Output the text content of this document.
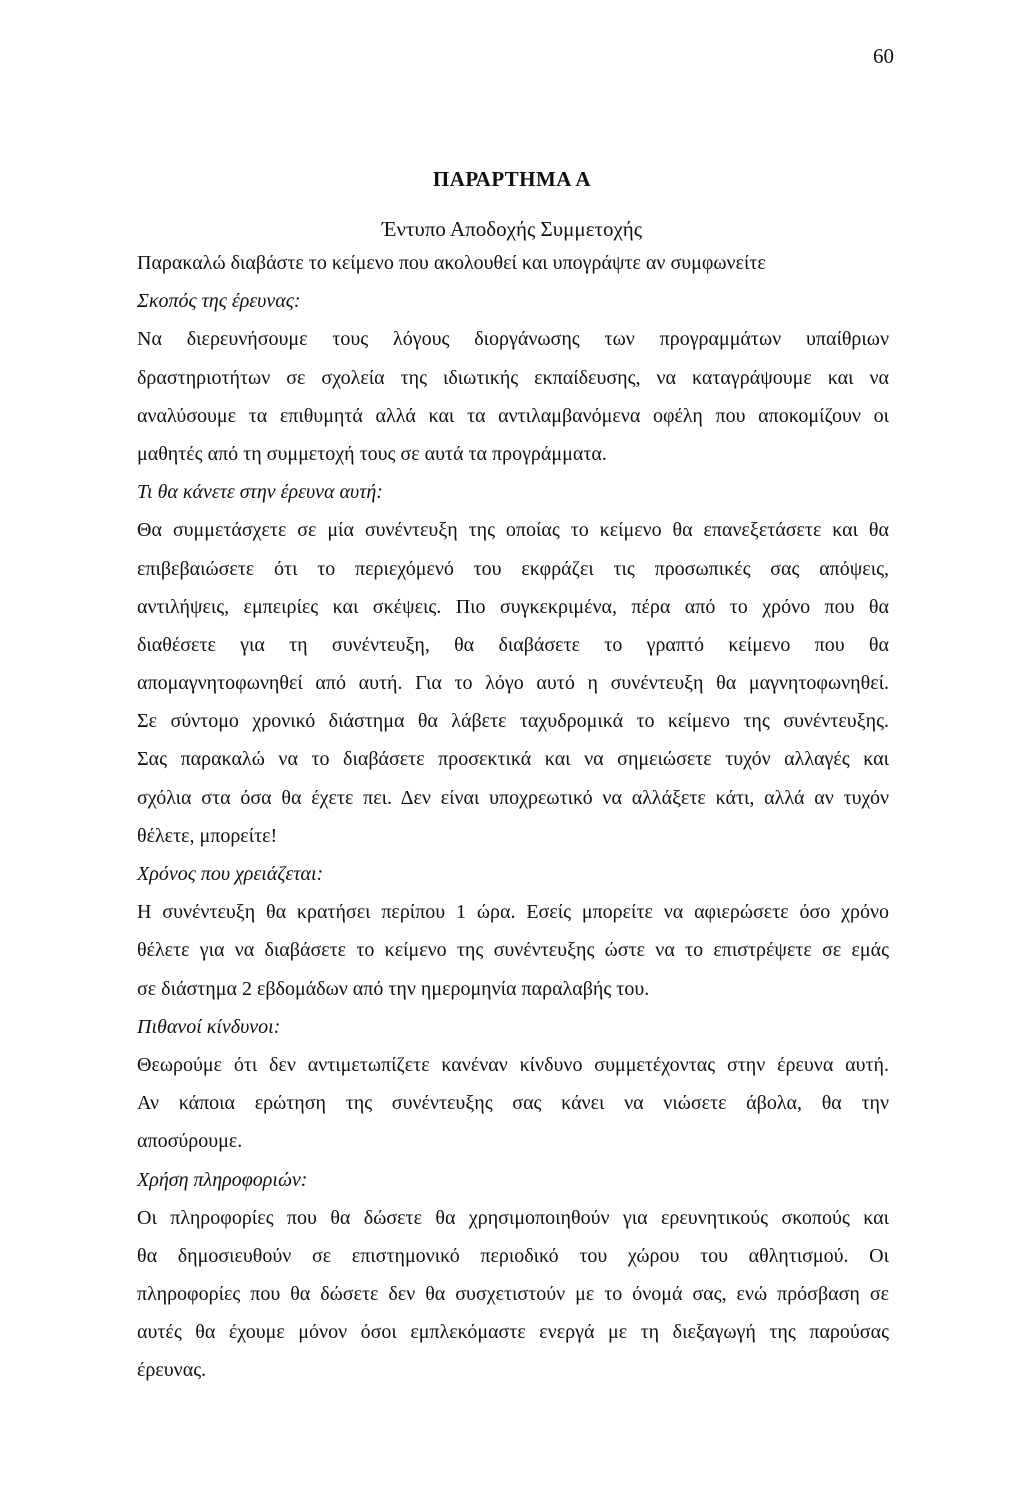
60
ΠΑΡΑΡΤΗΜΑ Α
Έντυπο Αποδοχής Συμμετοχής
Παρακαλώ διαβάστε το κείμενο που ακολουθεί και υπογράψτε αν συμφωνείτε
Σκοπός της έρευνας:
Να διερευνήσουμε τους λόγους διοργάνωσης των προγραμμάτων υπαίθριων
δραστηριοτήτων σε σχολεία της ιδιωτικής εκπαίδευσης, να καταγράψουμε και να
αναλύσουμε τα επιθυμητά αλλά και τα αντιλαμβανόμενα οφέλη που αποκομίζουν οι
μαθητές από τη συμμετοχή τους σε αυτά τα προγράμματα.
Τι θα κάνετε στην έρευνα αυτή:
Θα συμμετάσχετε σε μία συνέντευξη της οποίας το κείμενο θα επανεξετάσετε και θα
επιβεβαιώσετε ότι το περιεχόμενό του εκφράζει τις προσωπικές σας απόψεις,
αντιλήψεις, εμπειρίες και σκέψεις. Πιο συγκεκριμένα, πέρα από το χρόνο που θα
διαθέσετε για τη συνέντευξη, θα διαβάσετε το γραπτό κείμενο που θα
απομαγνητοφωνηθεί από αυτή. Για το λόγο αυτό η συνέντευξη θα μαγνητοφωνηθεί.
Σε σύντομο χρονικό διάστημα θα λάβετε ταχυδρομικά το κείμενο της συνέντευξης.
Σας παρακαλώ να το διαβάσετε προσεκτικά και να σημειώσετε τυχόν αλλαγές και
σχόλια στα όσα θα έχετε πει. Δεν είναι υποχρεωτικό να αλλάξετε κάτι, αλλά αν τυχόν
θέλετε, μπορείτε!
Χρόνος που χρειάζεται:
Η συνέντευξη θα κρατήσει περίπου 1 ώρα. Εσείς μπορείτε να αφιερώσετε όσο χρόνο
θέλετε για να διαβάσετε το κείμενο της συνέντευξης ώστε να το επιστρέψετε σε εμάς
σε διάστημα 2 εβδομάδων από την ημερομηνία παραλαβής του.
Πιθανοί κίνδυνοι:
Θεωρούμε ότι δεν αντιμετωπίζετε κανέναν κίνδυνο συμμετέχοντας στην έρευνα αυτή.
Αν κάποια ερώτηση της συνέντευξης σας κάνει να νιώσετε άβολα, θα την
αποσύρουμε.
Χρήση πληροφοριών:
Οι πληροφορίες που θα δώσετε θα χρησιμοποιηθούν για ερευνητικούς σκοπούς και
θα δημοσιευθούν σε επιστημονικό περιοδικό του χώρου του αθλητισμού. Οι
πληροφορίες που θα δώσετε δεν θα συσχετιστούν με το όνομά σας, ενώ πρόσβαση σε
αυτές θα έχουμε μόνον όσοι εμπλεκόμαστε ενεργά με τη διεξαγωγή της παρούσας
έρευνας.
